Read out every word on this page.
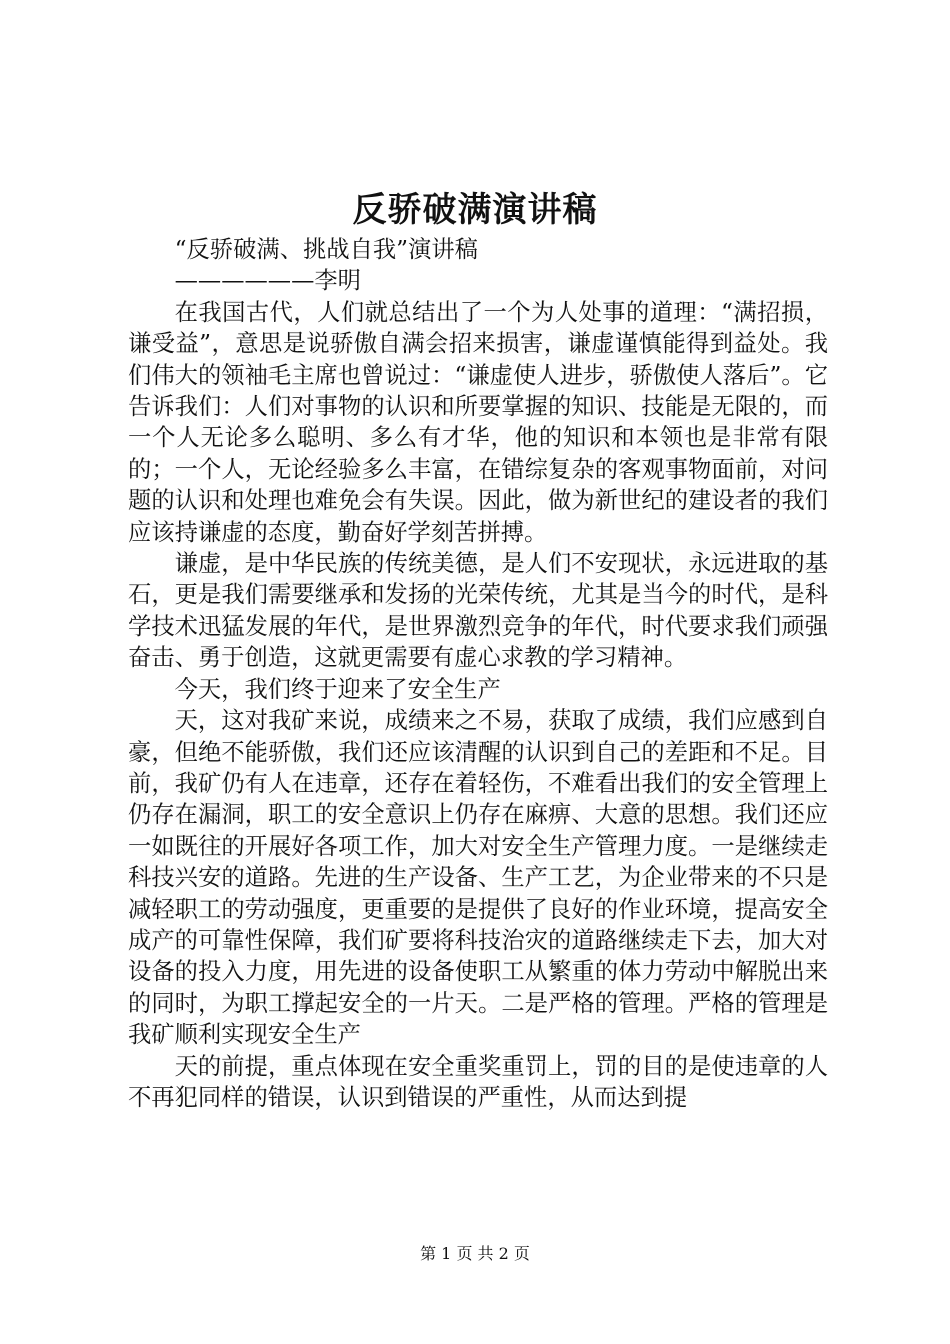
反骄破满演讲稿

“反骄破满、挑战自我”演讲稿

——————李明

在我国古代，人们就总结出了一个为人处事的道理：“满招损，谦受益”，意思是说骄傲自满会招来损害，谦虚谨慎能得到益处。我们伟大的领袖毛主席也曾说过：“谦虚使人进步，骄傲使人落后”。它告诉我们：人们对事物的认识和所要掌握的知识、技能是无限的，而一个人无论多么聪明、多么有才华，他的知识和本领也是非常有限的；一个人，无论经验多么丰富，在错综复杂的客观事物面前，对问题的认识和处理也难免会有失误。因此，做为新世纪的建设者的我们应该持谦虚的态度，勤奋好学刻苦拼搏。

谦虚，是中华民族的传统美德，是人们不安现状，永远进取的基石，更是我们需要继承和发扬的光荣传统，尤其是当今的时代，是科学技术迅猛发展的年代，是世界激烈竞争的年代，时代要求我们顽强奋击、勇于创造，这就更需要有虚心求教的学习精神。

今天，我们终于迎来了安全生产

天，这对我矿来说，成绩来之不易，获取了成绩，我们应感到自豪，但绝不能骄傲，我们还应该清醒的认识到自己的差距和不足。目前，我矿仍有人在违章，还存在着轻伤，不难看出我们的安全管理上仍存在漏洞，职工的安全意识上仍存在麻痹、大意的思想。我们还应一如既往的开展好各项工作，加大对安全生产管理力度。一是继续走科技兴安的道路。先进的生产设备、生产工艺，为企业带来的不只是减轻职工的劳动强度，更重要的是提供了良好的作业环境，提高安全成产的可靠性保障，我们矿要将科技治灾的道路继续走下去，加大对设备的投入力度，用先进的设备使职工从繁重的体力劳动中解脱出来的同时，为职工撑起安全的一片天。二是严格的管理。严格的管理是我矿顺利实现安全生产

天的前提，重点体现在安全重奖重罚上，罚的目的是使违章的人不再犯同样的错误，认识到错误的严重性，从而达到提

第 1 页 共 2 页
